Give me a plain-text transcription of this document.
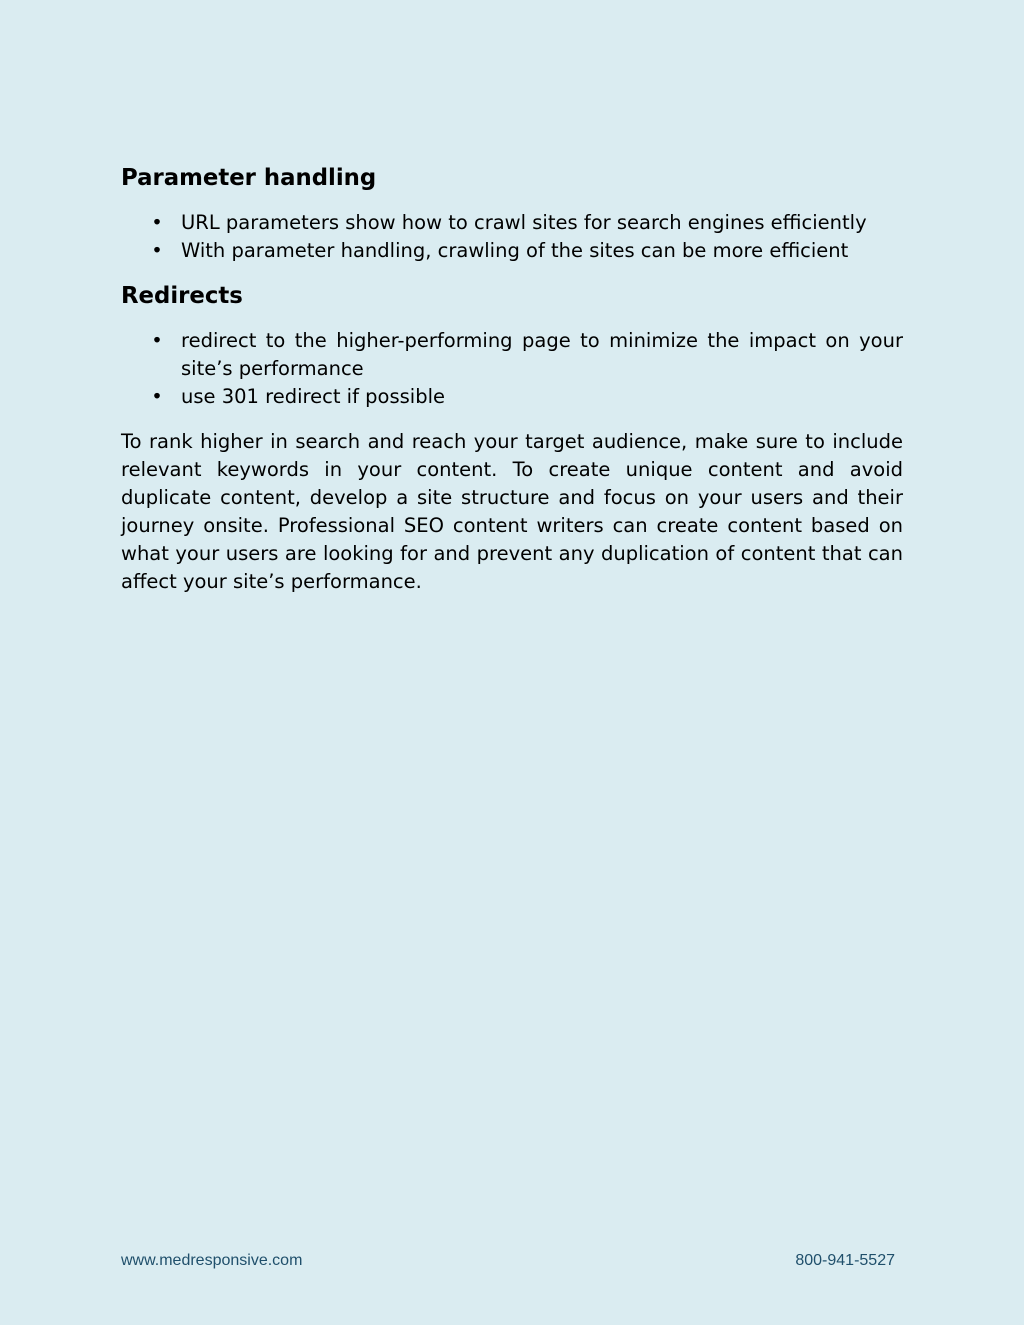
Parameter handling
• URL parameters show how to crawl sites for search engines efficiently
• With parameter handling, crawling of the sites can be more efficient
Redirects
• redirect to the higher-performing page to minimize the impact on your site’s performance
• use 301 redirect if possible

To rank higher in search and reach your target audience, make sure to include relevant keywords in your content. To create unique content and avoid duplicate content, develop a site structure and focus on your users and their journey onsite. Professional SEO content writers can create content based on what your users are looking for and prevent any duplication of content that can affect your site’s performance.

www.medresponsive.com	800-941-5527
